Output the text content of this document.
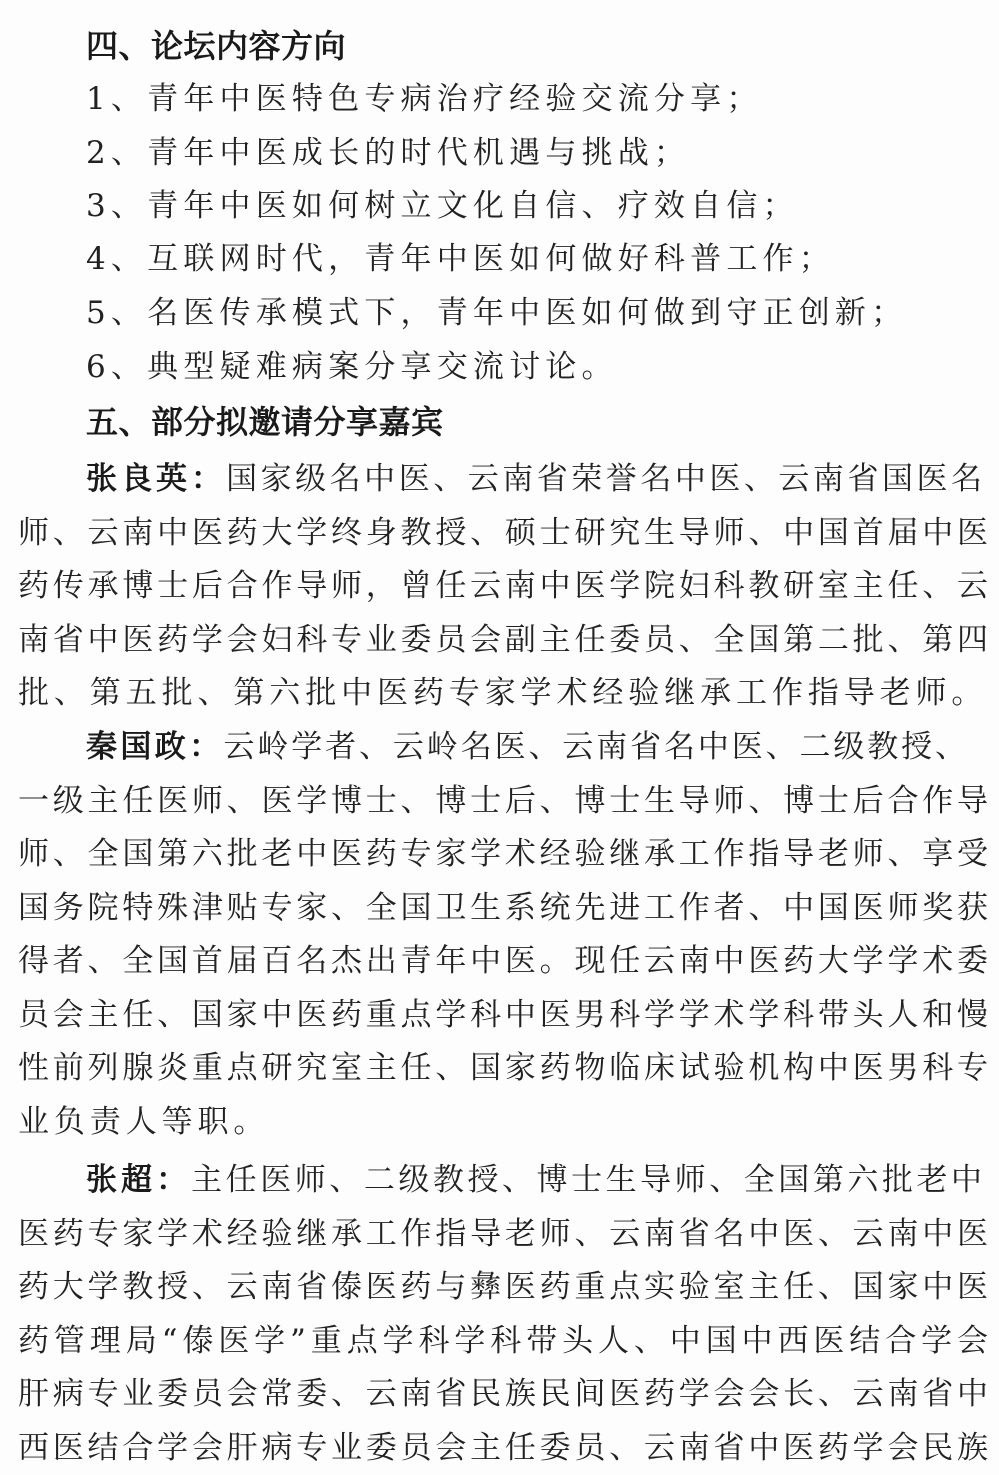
四、论坛内容方向
1、青年中医特色专病治疗经验交流分享；
2、青年中医成长的时代机遇与挑战；
3、青年中医如何树立文化自信、疗效自信；
4、互联网时代，青年中医如何做好科普工作；
5、名医传承模式下，青年中医如何做到守正创新；
6、典型疑难病案分享交流讨论。
五、部分拟邀请分享嘉宾
张良英：国家级名中医、云南省荣誉名中医、云南省国医名
师、云南中医药大学终身教授、硕士研究生导师、中国首届中医
药传承博士后合作导师，曾任云南中医学院妇科教研室主任、云
南省中医药学会妇科专业委员会副主任委员、全国第二批、第四
批、第五批、第六批中医药专家学术经验继承工作指导老师。
秦国政：云岭学者、云岭名医、云南省名中医、二级教授、
一级主任医师、医学博士、博士后、博士生导师、博士后合作导
师、全国第六批老中医药专家学术经验继承工作指导老师、享受
国务院特殊津贴专家、全国卫生系统先进工作者、中国医师奖获
得者、全国首届百名杰出青年中医。现任云南中医药大学学术委
员会主任、国家中医药重点学科中医男科学学术学科带头人和慢
性前列腺炎重点研究室主任、国家药物临床试验机构中医男科专
业负责人等职。
张超：主任医师、二级教授、博士生导师、全国第六批老中
医药专家学术经验继承工作指导老师、云南省名中医、云南中医
药大学教授、云南省傣医药与彝医药重点实验室主任、国家中医
药管理局“傣医学”重点学科学科带头人、中国中西医结合学会
肝病专业委员会常委、云南省民族民间医药学会会长、云南省中
西医结合学会肝病专业委员会主任委员、云南省中医药学会民族
